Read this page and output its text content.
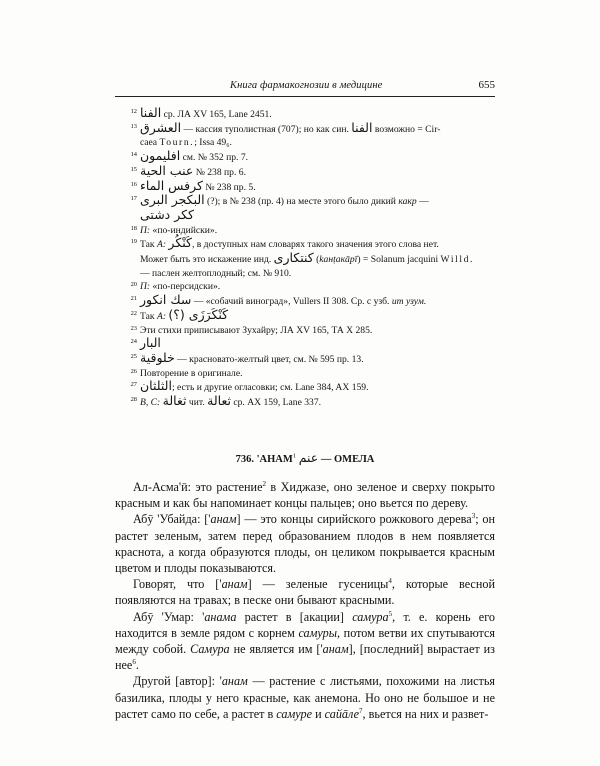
Книга фармакогнозии в медицине	655
12 الفنا ср. ЛА XV 165, Lane 2451.
13 العشرق — кассия туполистная (707); но как син. الفنا возможно = Cir-
caea Tourn.; Issa 49₆.
14 افليمون см. № 352 пр. 7.
15 عنب الحية № 238 пр. 6.
16 كرفس الماء № 238 пр. 5.
17 البكجر البرى (?); в № 238 (пр. 4) на месте этого было дикий какр —
ككر دشتى
18 П: «по-индийски».
19 Так A: كَنْكُر, в доступных нам словарях такого значения этого слова нет.
Может быть это искажение инд. كنتكارى (kaнṭaкāрī) = Solanum jacquini Willd.
— паслен желтоплодный; см. № 910.
20 П: «по-персидски».
21 سك انكور — «собачий виноград», Vullers II 308. Ср. с узб. ит узум.
22 Так A: كَنْكَرَزَى (؟)
23 Эти стихи приписывают Зухайру; ЛА XV 165, ТА X 285.
24 البار
25 خلوقية — красновато-желтый цвет, см. № 595 пр. 13.
26 Повторение в оригинале.
27 الثلثان; есть и другие огласовки; см. Lane 384, AX 159.
28 B, C: ثغالة чит. ثعالة ср. АХ 159, Lane 337.
736. 'АНАМ$^1$ عنم — ОМЕЛА

Ал-Асма'ӣ: это растение$^2$ в Хиджазе, оно зеленое и сверху покрыто красным и как бы напоминает концы пальцев; оно вьется по дереву.

Абӯ 'Убайда: ['анам] — это концы сирийского рожкового дерева$^3$; он растет зеленым, затем перед образованием плодов в нем появляется краснота, а когда образуются плоды, он целиком покрывается красным цветом и плоды показываются.

Говорят, что ['анам] — зеленые гусеницы$^4$, которые весной появляются на травах; в песке они бывают красными.

Абӯ 'Умар: 'анама растет в [акации] самура$^5$, т. е. корень его находится в земле рядом с корнем самуры, потом ветви их спутываются между собой. Самура не является им ['анам], [последний] вырастает из нее$^6$.

Другой [автор]: 'анам — растение с листьями, похожими на листья базилика, плоды у него красные, как анемона. Но оно не большое и не растет само по себе, а растет в самуре и сайāле$^7$, вьется на них и развет-
